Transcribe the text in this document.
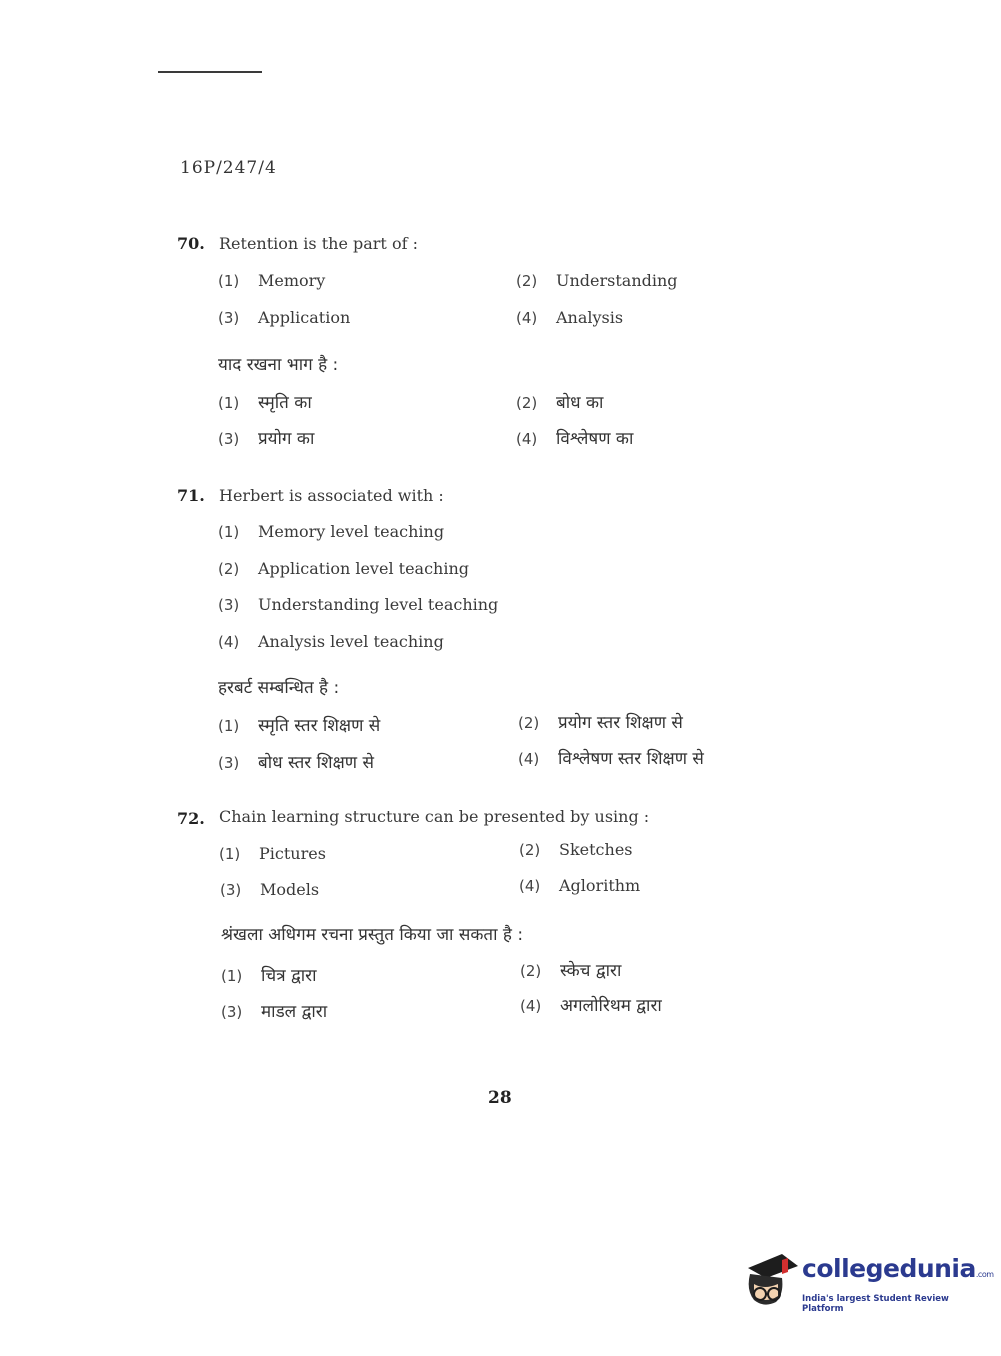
16P/247/4
70. Retention is the part of :
(1) Memory	(2) Understanding
(3) Application	(4) Analysis
याद रखना भाग है :
(1) स्मृति का	(2) बोध का
(3) प्रयोग का	(4) विश्लेषण का
71. Herbert is associated with :
(1) Memory level teaching
(2) Application level teaching
(3) Understanding level teaching
(4) Analysis level teaching
हरबर्ट सम्बन्धित है :
(1) स्मृति स्तर शिक्षण से	(2) प्रयोग स्तर शिक्षण से
(3) बोध स्तर शिक्षण से	(4) विश्लेषण स्तर शिक्षण से
72. Chain learning structure can be presented by using :
(1) Pictures	(2) Sketches
(3) Models	(4) Aglorithm
श्रंखला अधिगम रचना प्रस्तुत किया जा सकता है :
(1) चित्र द्वारा	(2) स्केच द्वारा
(3) माडल द्वारा	(4) अगलोरिथम द्वारा
28
collegedunia.com
India's largest Student Review Platform
